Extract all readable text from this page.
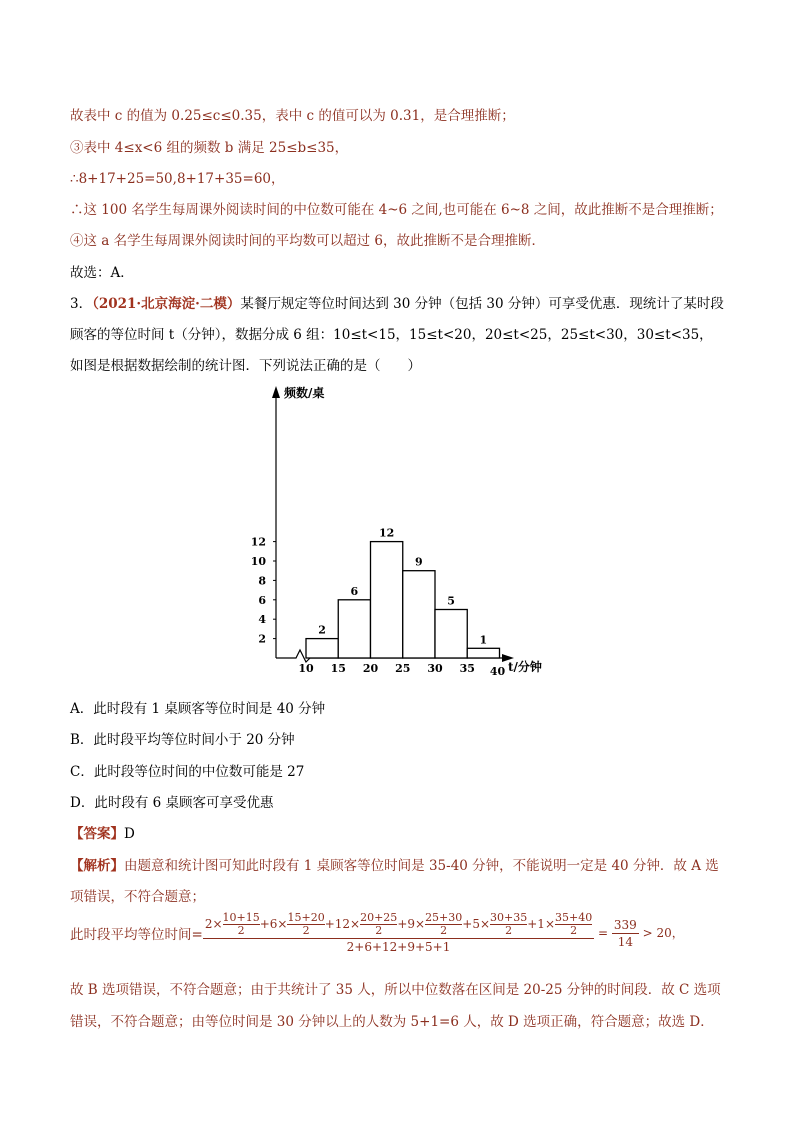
故表中 c 的值为 0.25≤c≤0.35，表中 c 的值可以为 0.31，是合理推断；
③表中 4≤x<6 组的频数 b 满足 25≤b≤35，
∴8+17+25=50,8+17+35=60，
∴这 100 名学生每周课外阅读时间的中位数可能在 4~6 之间,也可能在 6~8 之间，故此推断不是合理推断；
④这 a 名学生每周课外阅读时间的平均数可以超过 6，故此推断不是合理推断．
故选：A．
3．（2021·北京海淀·二模）某餐厅规定等位时间达到 30 分钟（包括 30 分钟）可享受优惠．现统计了某时段
顾客的等位时间 t（分钟），数据分成 6 组：10≤t<15，15≤t<20，20≤t<25，25≤t<30，30≤t<35，
如图是根据数据绘制的统计图．下列说法正确的是（　　）
频数/桌
t/分钟
2
4
6
8
10
12
2
6
12
9
5
1
10 15 20 25 30 35 40
A．此时段有 1 桌顾客等位时间是 40 分钟
B．此时段平均等位时间小于 20 分钟
C．此时段等位时间的中位数可能是 27
D．此时段有 6 桌顾客可享受优惠
【答案】D
【解析】由题意和统计图可知此时段有 1 桌顾客等位时间是 35-40 分钟，不能说明一定是 40 分钟．故 A 选
项错误，不符合题意；
此时段平均等位时间= $\frac{2\times \frac{10+15}{2} +6\times \frac{15+20}{2} +12\times \frac{20+25}{2} +9\times \frac{25+30}{2} +5\times \frac{30+35}{2} +1\times \frac{35+40}{2}}{2+6+12+9+5+1} = \frac{339}{14} > 20$，
故 B 选项错误，不符合题意；由于共统计了 35 人，所以中位数落在区间是 20-25 分钟的时间段．故 C 选项
错误，不符合题意；由等位时间是 30 分钟以上的人数为 5+1=6 人，故 D 选项正确，符合题意；故选 D．
